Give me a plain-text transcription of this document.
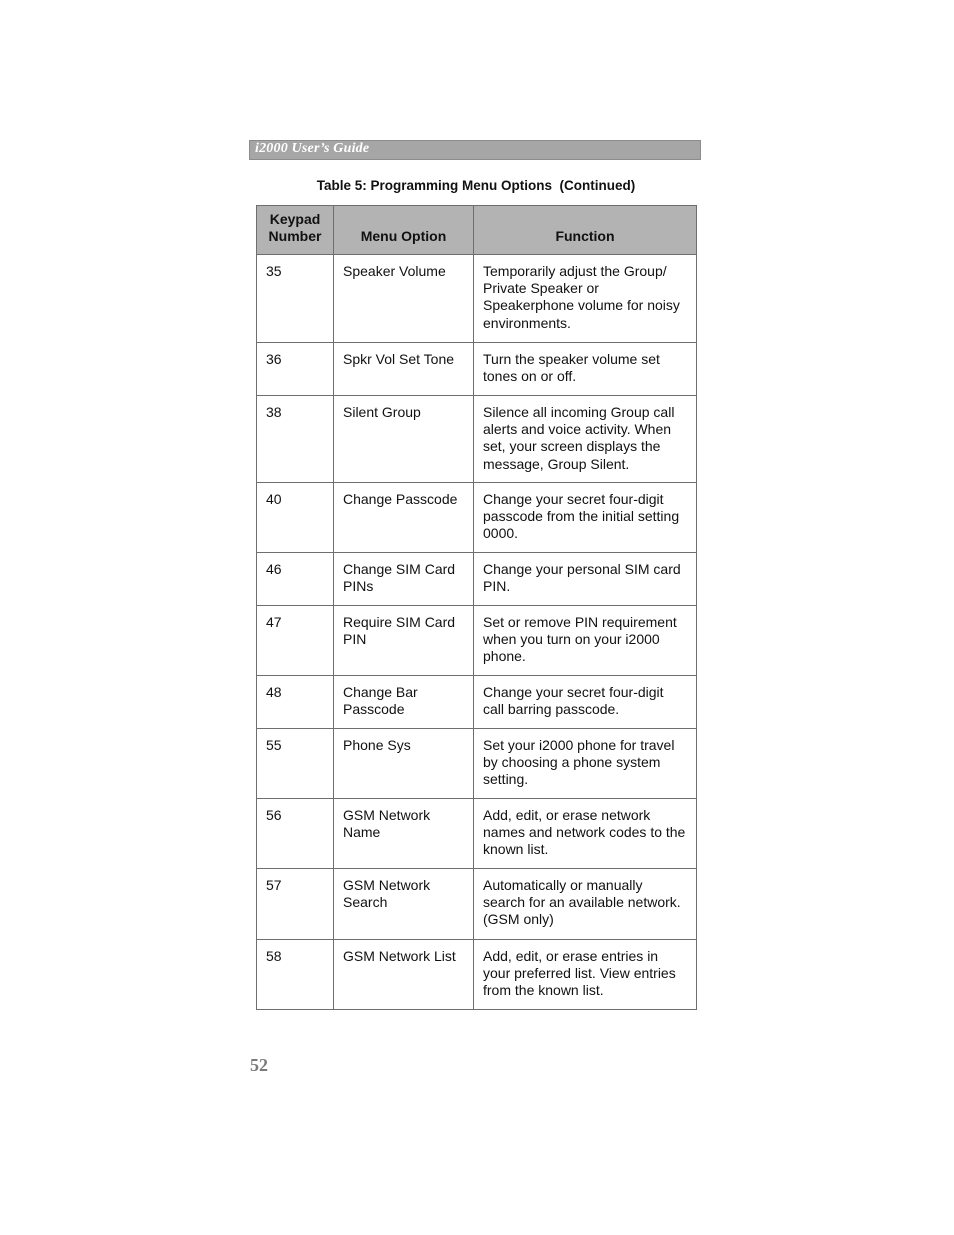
i2000 User’s Guide
Table 5: Programming Menu Options  (Continued)
Keypad
Number	Menu Option	Function
35	Speaker Volume	Temporarily adjust the Group/ Private Speaker or Speakerphone volume for noisy environments.
36	Spkr Vol Set Tone	Turn the speaker volume set tones on or off.
38	Silent Group	Silence all incoming Group call alerts and voice activity. When set, your screen displays the message, Group Silent.
40	Change Passcode	Change your secret four-digit passcode from the initial setting 0000.
46	Change SIM Card PINs	Change your personal SIM card PIN.
47	Require SIM Card PIN	Set or remove PIN requirement when you turn on your i2000 phone.
48	Change Bar Passcode	Change your secret four-digit call barring passcode.
55	Phone Sys	Set your i2000 phone for travel by choosing a phone system setting.
56	GSM Network Name	Add, edit, or erase network names and network codes to the known list.
57	GSM Network Search	Automatically or manually search for an available network. (GSM only)
58	GSM Network List	Add, edit, or erase entries in your preferred list. View entries from the known list.
52
